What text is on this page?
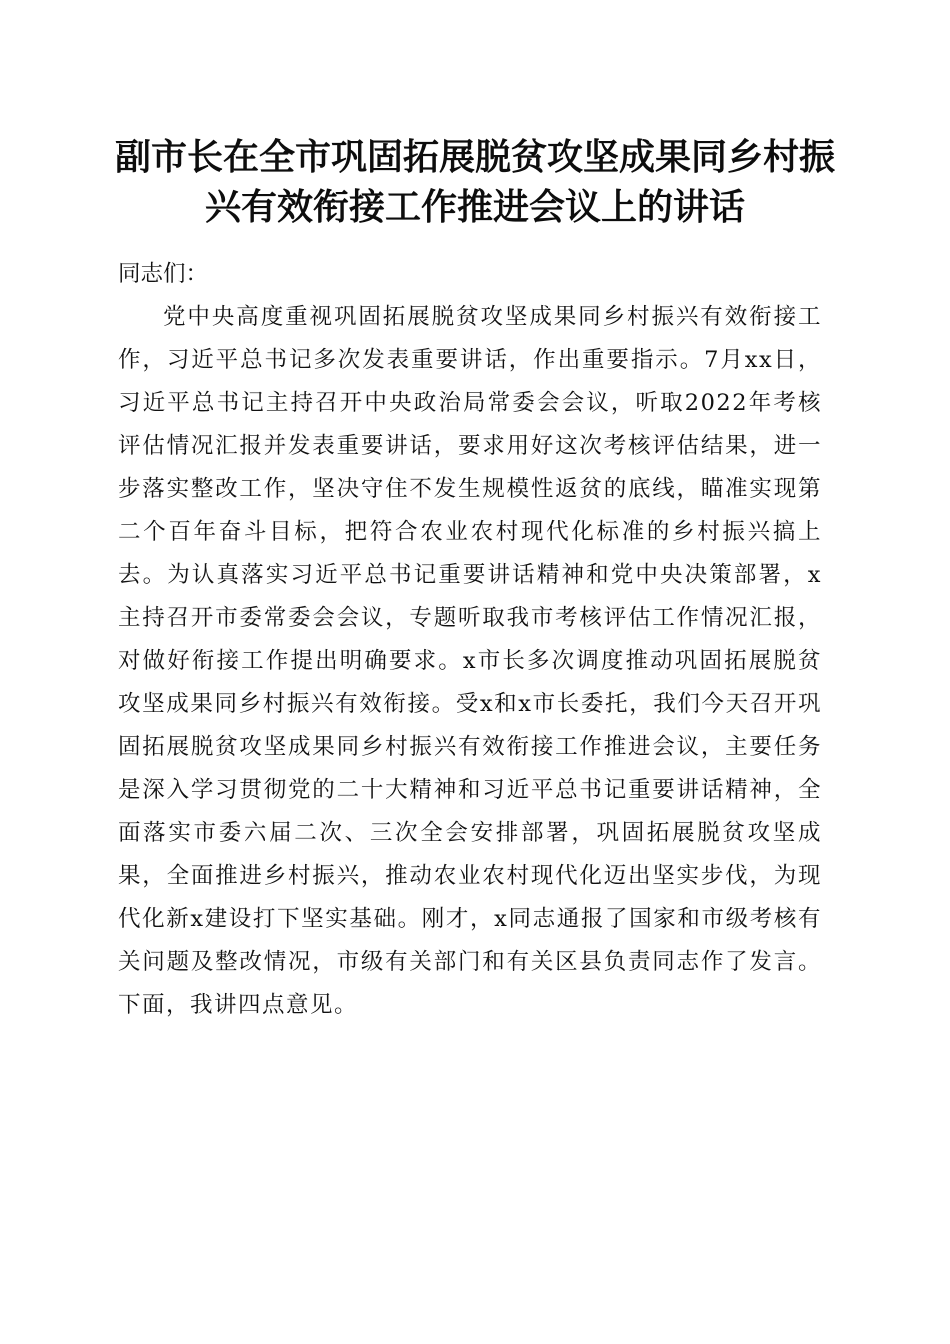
副市长在全市巩固拓展脱贫攻坚成果同乡村振兴有效衔接工作推进会议上的讲话

同志们：

党中央高度重视巩固拓展脱贫攻坚成果同乡村振兴有效衔接工作，习近平总书记多次发表重要讲话，作出重要指示。7月xx日，习近平总书记主持召开中央政治局常委会会议，听取2022年考核评估情况汇报并发表重要讲话，要求用好这次考核评估结果，进一步落实整改工作，坚决守住不发生规模性返贫的底线，瞄准实现第二个百年奋斗目标，把符合农业农村现代化标准的乡村振兴搞上去。为认真落实习近平总书记重要讲话精神和党中央决策部署，x主持召开市委常委会会议，专题听取我市考核评估工作情况汇报，对做好衔接工作提出明确要求。x市长多次调度推动巩固拓展脱贫攻坚成果同乡村振兴有效衔接。受x和x市长委托，我们今天召开巩固拓展脱贫攻坚成果同乡村振兴有效衔接工作推进会议，主要任务是深入学习贯彻党的二十大精神和习近平总书记重要讲话精神，全面落实市委六届二次、三次全会安排部署，巩固拓展脱贫攻坚成果，全面推进乡村振兴，推动农业农村现代化迈出坚实步伐，为现代化新x建设打下坚实基础。刚才，x同志通报了国家和市级考核有关问题及整改情况，市级有关部门和有关区县负责同志作了发言。下面，我讲四点意见。
